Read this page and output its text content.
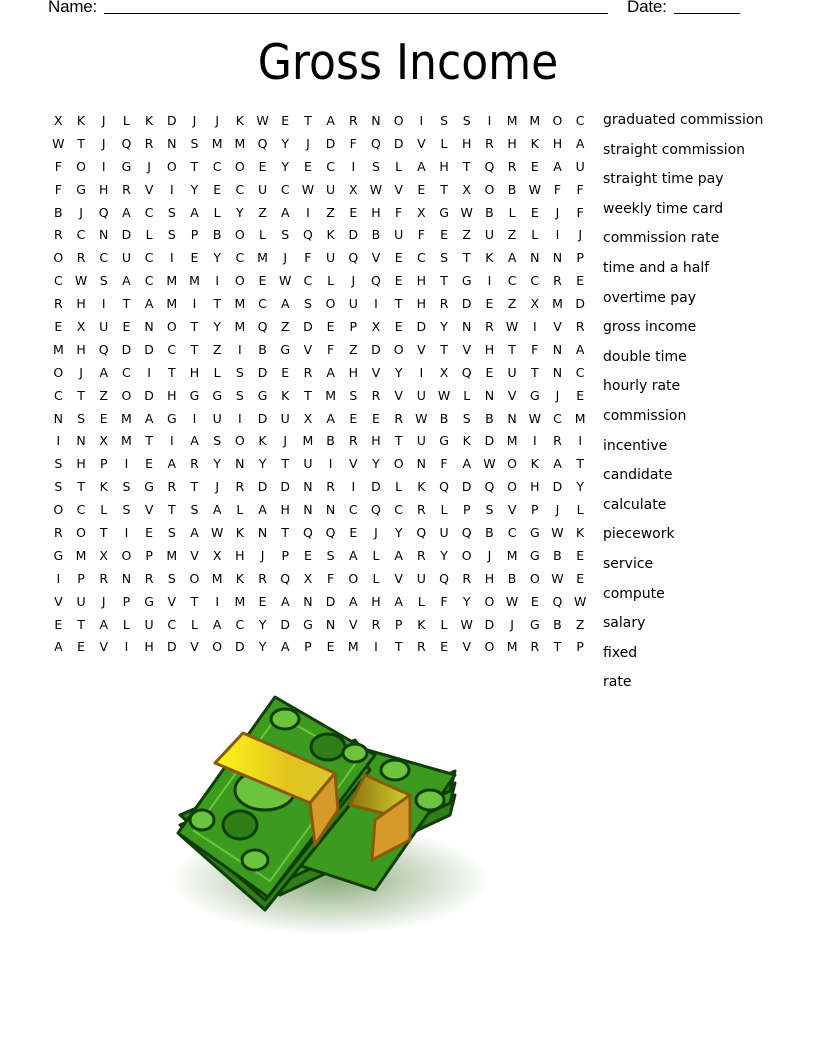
Name:	Date:
Gross Income
X	K	J	L	K	D	J	J	K W	E	T	A	R	N	O	I	S	S	I	M M O	C
W	T	J	Q	R	N	S	M M Q	Y	J	D	F	Q	D	V	L	H	R	H	K	H	A
F	O	I	G	J	O	T	C	O	E	Y	E	C	I	S	L	A	H	T	Q	R	E	A	U
F	G	H	R	V	I	Y	E	C	U	C W U	X W V	E	T	X	O	B W	F	F
B	J	Q	A	C	S	A	L	Y	Z	A	I	Z	E	H	F	X	G W B	L	E	J	F
R	C	N	D	L	S	P	B	O	L	S	Q	K	D	B	U	F	E	Z	U	Z	L	I	J
O	R	C	U	C	I	E	Y	C	M	J	F	U	Q	V	E	C	S	T	K	A	N	N	P
C W	S	A	C	M M	I	O	E	W C	L	J	Q	E	H	T	G	I	C	C	R	E
R	H	I	T	A	M	I	T	M	C	A	S	O	U	I	T	H	R	D	E	Z	X	M D
E	X	U	E	N	O	T	Y	M Q	Z	D	E	P	X	E	D	Y	N	R W	I	V	R
M	H	Q	D	D	C	T	Z	I	B	G	V	F	Z	D	O	V	T	V	H	T	F	N	A
O	J	A	C	I	T	H	L	S	D	E	R	A	H	V	Y	I	X	Q	E	U	T	N	C
C	T	Z	O	D	H	G	G	S	G	K	T	M	S	R	V	U W	L	N	V	G	J	E
N	S	E	M	A	G	I	U	I	D	U	X	A	E	E	R W B	S	B	N W C	M
I	N	X	M	T	I	A	S	O	K	J	M	B	R	H	T	U	G	K	D M	I	R	I
S	H	P	I	E	A	R	Y	N	Y	T	U	I	V	Y	O	N	F	A W O	K	A	T
S	T	K	S	G	R	T	J	R	D	D	N	R	I	D	L	K	Q	D	Q	O	H	D	Y
O	C	L	S	V	T	S	A	L	A	H	N	N	C	Q	C	R	L	P	S	V	P	J	L
R	O	T	I	E	S	A W K	N	T	Q	Q	E	J	Y	Q	U	Q	B	C	G W K
G M	X	O	P	M	V	X	H	J	P	E	S	A	L	A	R	Y	O	J	M G	B	E
I	P	R	N	R	S	O M	K	R	Q	X	F	O	L	V	U	Q	R	H	B	O W	E
V	U	J	P	G	V	T	I	M	E	A	N	D	A	H	A	L	F	Y	O W	E	Q W
E	T	A	L	U	C	L	A	C	Y	D	G	N	V	R	P	K	L	W D	J	G	B	Z
A	E	V	I	H	D	V	O	D	Y	A	P	E	M	I	T	R	E	V	O M	R	T	P
graduated commission
straight commission
straight time pay
weekly time card
commission rate
time and a half
overtime pay
gross income
double time
hourly rate
commission
incentive
candidate
calculate
piecework
service
compute
salary
fixed
rate
